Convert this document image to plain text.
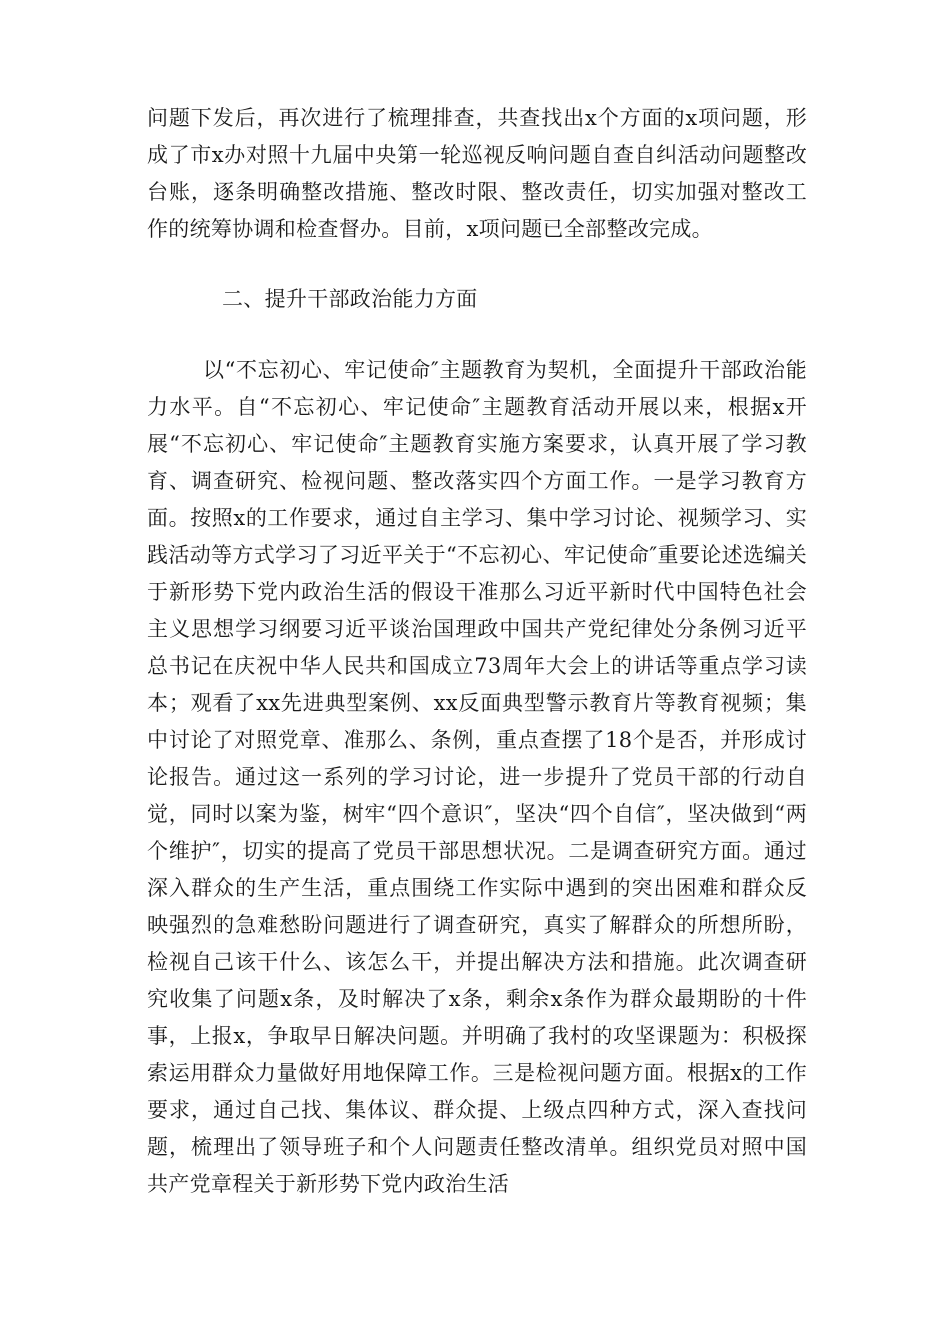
问题下发后，再次进行了梳理排查，共查找出x个方面的x项问题，形成了市x办对照十九届中央第一轮巡视反响问题自查自纠活动问题整改台账，逐条明确整改措施、整改时限、整改责任，切实加强对整改工作的统筹协调和检查督办。目前，x项问题已全部整改完成。
二、提升干部政治能力方面
以“不忘初心、牢记使命″主题教育为契机，全面提升干部政治能力水平。自“不忘初心、牢记使命″主题教育活动开展以来，根据x开展“不忘初心、牢记使命″主题教育实施方案要求，认真开展了学习教育、调查研究、检视问题、整改落实四个方面工作。一是学习教育方面。按照x的工作要求，通过自主学习、集中学习讨论、视频学习、实践活动等方式学习了习近平关于“不忘初心、牢记使命″重要论述选编关于新形势下党内政治生活的假设干准那么习近平新时代中国特色社会主义思想学习纲要习近平谈治国理政中国共产党纪律处分条例习近平总书记在庆祝中华人民共和国成立73周年大会上的讲话等重点学习读本；观看了xx先进典型案例、xx反面典型警示教育片等教育视频；集中讨论了对照党章、准那么、条例，重点查摆了18个是否，并形成讨论报告。通过这一系列的学习讨论，进一步提升了党员干部的行动自觉，同时以案为鉴，树牢“四个意识″，坚决“四个自信″，坚决做到“两个维护″，切实的提高了党员干部思想状况。二是调查研究方面。通过深入群众的生产生活，重点围绕工作实际中遇到的突出困难和群众反映强烈的急难愁盼问题进行了调查研究，真实了解群众的所想所盼，检视自己该干什么、该怎么干，并提出解决方法和措施。此次调查研究收集了问题x条，及时解决了x条，剩余x条作为群众最期盼的十件事，上报x，争取早日解决问题。并明确了我村的攻坚课题为：积极探索运用群众力量做好用地保障工作。三是检视问题方面。根据x的工作要求，通过自己找、集体议、群众提、上级点四种方式，深入查找问题，梳理出了领导班子和个人问题责任整改清单。组织党员对照中国共产党章程关于新形势下党内政治生活
